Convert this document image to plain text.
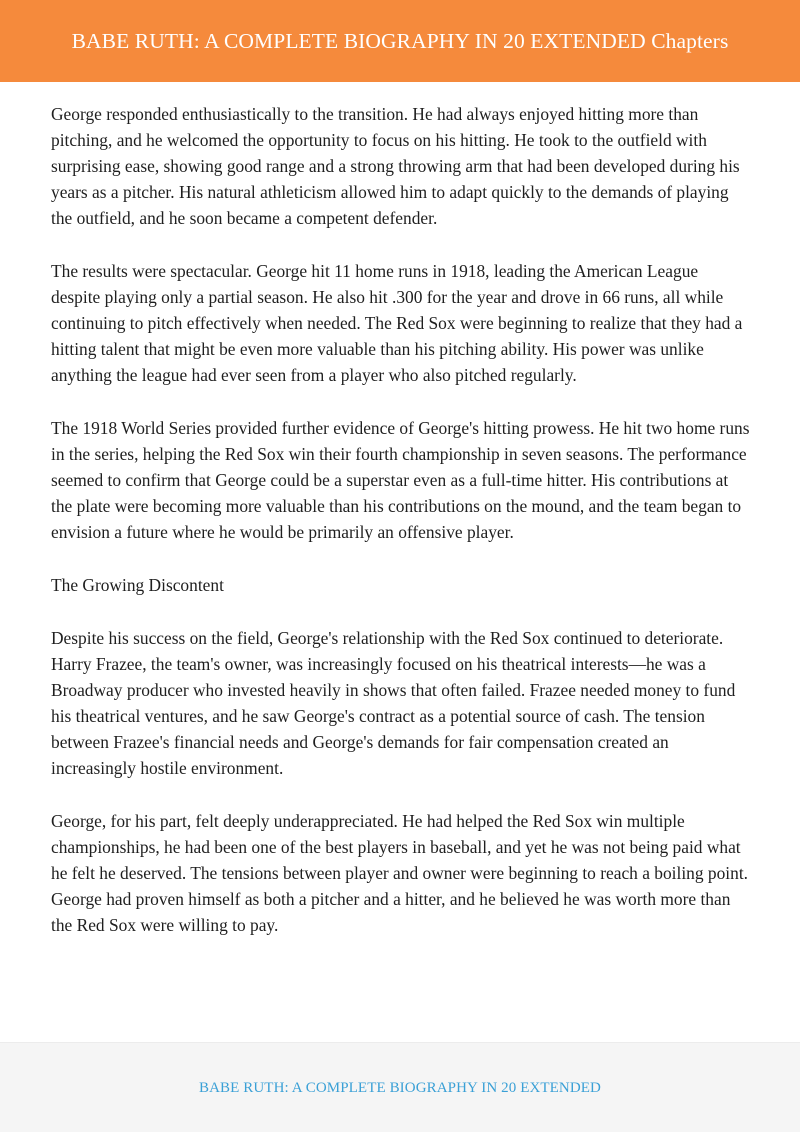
BABE RUTH: A COMPLETE BIOGRAPHY IN 20 EXTENDED Chapters

George responded enthusiastically to the transition. He had always enjoyed hitting more than pitching, and he welcomed the opportunity to focus on his hitting. He took to the outfield with surprising ease, showing good range and a strong throwing arm that had been developed during his years as a pitcher. His natural athleticism allowed him to adapt quickly to the demands of playing the outfield, and he soon became a competent defender.

The results were spectacular. George hit 11 home runs in 1918, leading the American League despite playing only a partial season. He also hit .300 for the year and drove in 66 runs, all while continuing to pitch effectively when needed. The Red Sox were beginning to realize that they had a hitting talent that might be even more valuable than his pitching ability. His power was unlike anything the league had ever seen from a player who also pitched regularly.

The 1918 World Series provided further evidence of George's hitting prowess. He hit two home runs in the series, helping the Red Sox win their fourth championship in seven seasons. The performance seemed to confirm that George could be a superstar even as a full-time hitter. His contributions at the plate were becoming more valuable than his contributions on the mound, and the team began to envision a future where he would be primarily an offensive player.

The Growing Discontent

Despite his success on the field, George's relationship with the Red Sox continued to deteriorate. Harry Frazee, the team's owner, was increasingly focused on his theatrical interests—he was a Broadway producer who invested heavily in shows that often failed. Frazee needed money to fund his theatrical ventures, and he saw George's contract as a potential source of cash. The tension between Frazee's financial needs and George's demands for fair compensation created an increasingly hostile environment.

George, for his part, felt deeply underappreciated. He had helped the Red Sox win multiple championships, he had been one of the best players in baseball, and yet he was not being paid what he felt he deserved. The tensions between player and owner were beginning to reach a boiling point. George had proven himself as both a pitcher and a hitter, and he believed he was worth more than the Red Sox were willing to pay.

BABE RUTH: A COMPLETE BIOGRAPHY IN 20 EXTENDED
